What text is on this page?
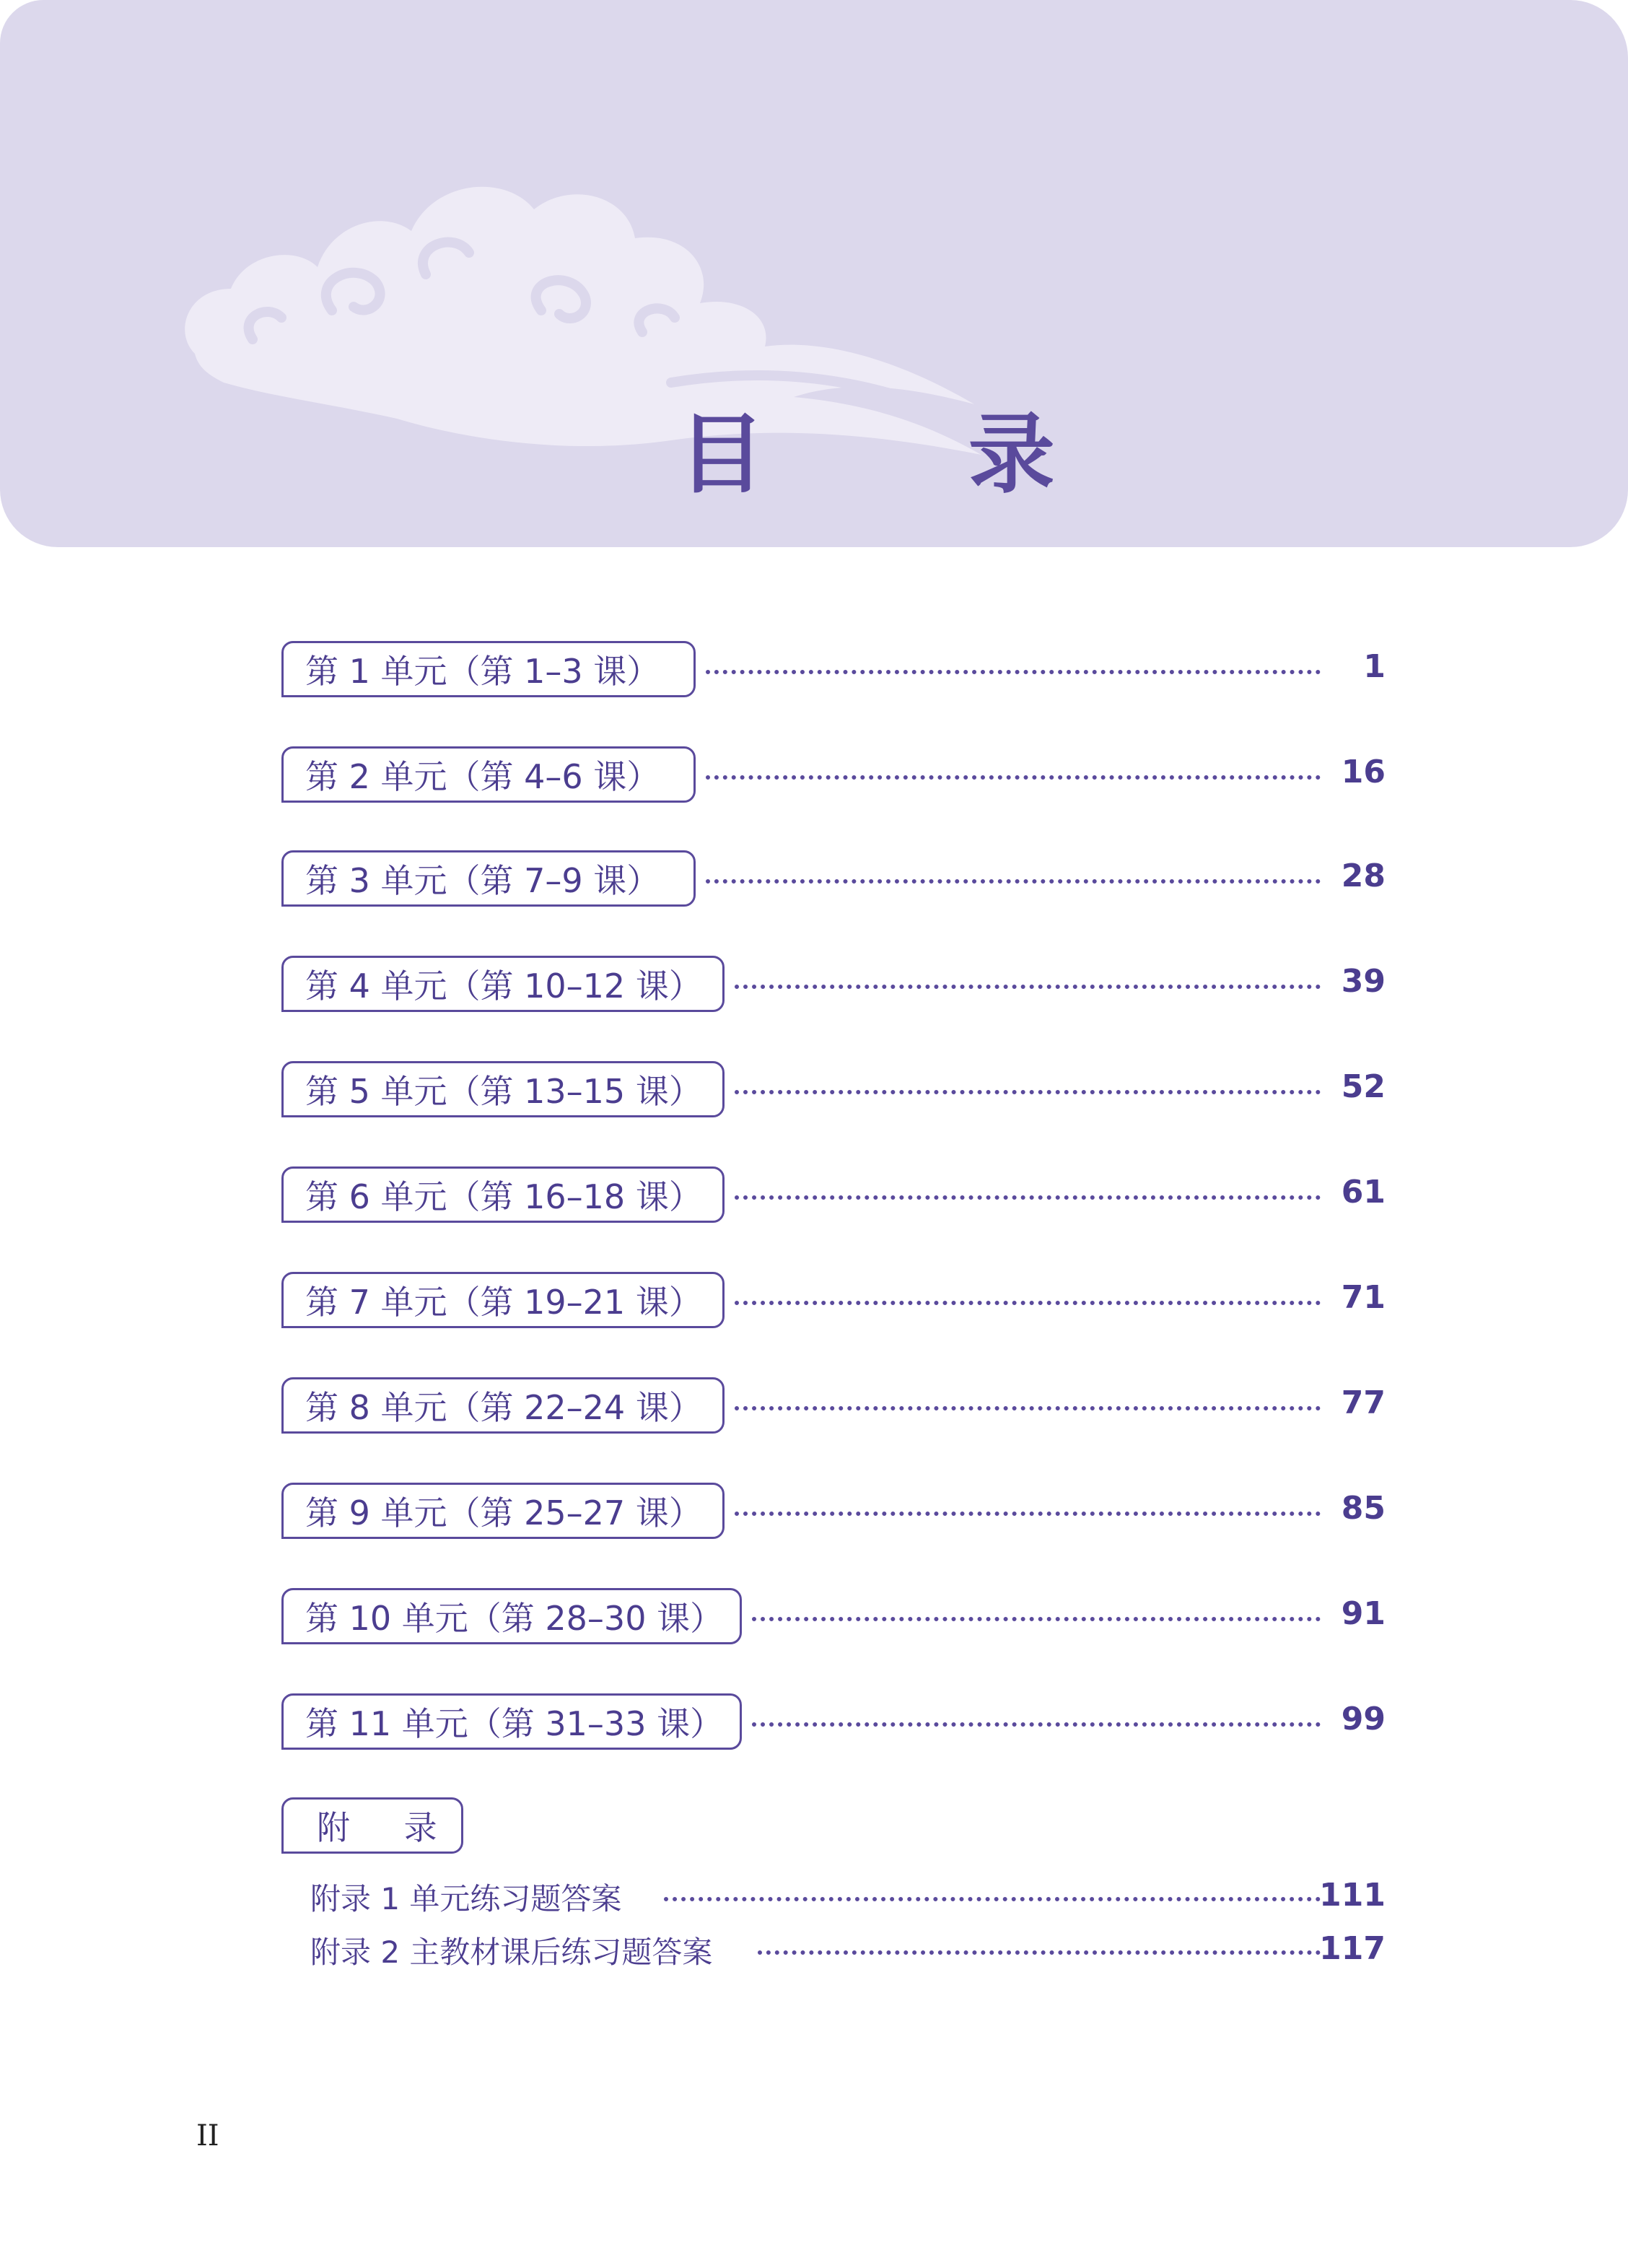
目 录
第 1 单元（第 1–3 课）	1
第 2 单元（第 4–6 课）	16
第 3 单元（第 7–9 课）	28
第 4 单元（第 10–12 课）	39
第 5 单元（第 13–15 课）	52
第 6 单元（第 16–18 课）	61
第 7 单元（第 19–21 课）	71
第 8 单元（第 22–24 课）	77
第 9 单元（第 25–27 课）	85
第 10 单元（第 28–30 课）	91
第 11 单元（第 31–33 课）	99
附 录
附录 1 单元练习题答案	111
附录 2 主教材课后练习题答案	117
II
